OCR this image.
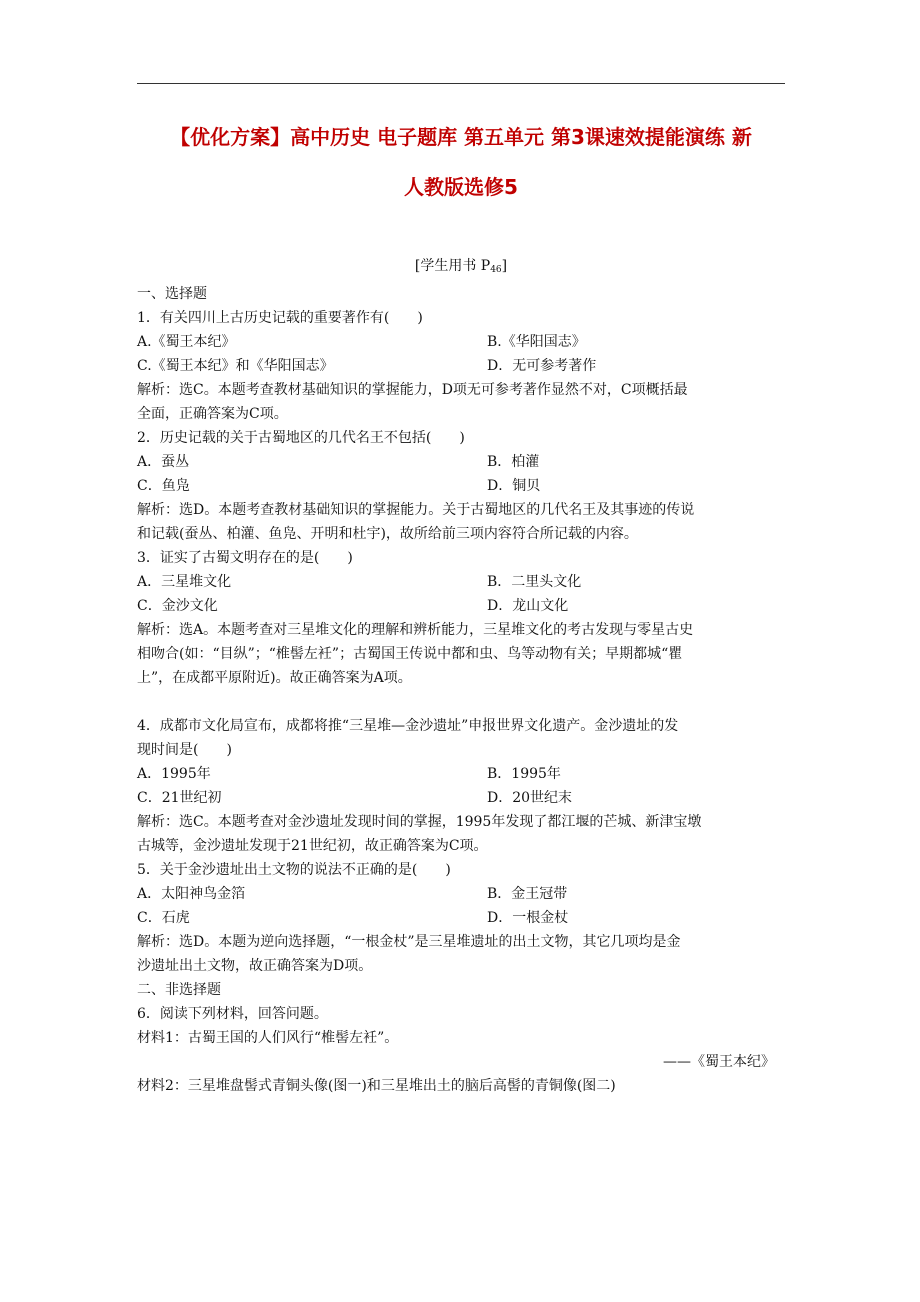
【优化方案】高中历史 电子题库 第五单元 第3课速效提能演练 新
人教版选修5
[学生用书 $P_{46}$]
一、选择题
1．有关四川上古历史记载的重要著作有(　　)
A.《蜀王本纪》	B.《华阳国志》
C.《蜀王本纪》和《华阳国志》	D．无可参考著作
解析：选C。本题考查教材基础知识的掌握能力，D项无可参考著作显然不对，C项概括最
全面，正确答案为C项。
2．历史记载的关于古蜀地区的几代名王不包括(　　)
A．蚕丛	B．柏灌
C．鱼凫	D．铜贝
解析：选D。本题考查教材基础知识的掌握能力。关于古蜀地区的几代名王及其事迹的传说
和记载(蚕丛、柏灌、鱼凫、开明和杜宇)，故所给前三项内容符合所记载的内容。
3．证实了古蜀文明存在的是(　　)
A．三星堆文化	B．二里头文化
C．金沙文化	D．龙山文化
解析：选A。本题考查对三星堆文化的理解和辨析能力，三星堆文化的考古发现与零星古史
相吻合(如：“目纵”；“椎髻左衽”；古蜀国王传说中都和虫、鸟等动物有关；早期都城“瞿
上”，在成都平原附近)。故正确答案为A项。
4．成都市文化局宣布，成都将推“三星堆—金沙遗址”申报世界文化遗产。金沙遗址的发
现时间是(　　)
A．1995年	B．1995年
C．21世纪初	D．20世纪末
解析：选C。本题考查对金沙遗址发现时间的掌握，1995年发现了都江堰的芒城、新津宝墩
古城等，金沙遗址发现于21世纪初，故正确答案为C项。
5．关于金沙遗址出土文物的说法不正确的是(　　)
A．太阳神鸟金箔	B．金王冠带
C．石虎	D．一根金杖
解析：选D。本题为逆向选择题，“一根金杖”是三星堆遗址的出土文物，其它几项均是金
沙遗址出土文物，故正确答案为D项。
二、非选择题
6．阅读下列材料，回答问题。
材料1：古蜀王国的人们风行“椎髻左衽”。
——《蜀王本纪》
材料2：三星堆盘髻式青铜头像(图一)和三星堆出土的脑后高髻的青铜像(图二)
